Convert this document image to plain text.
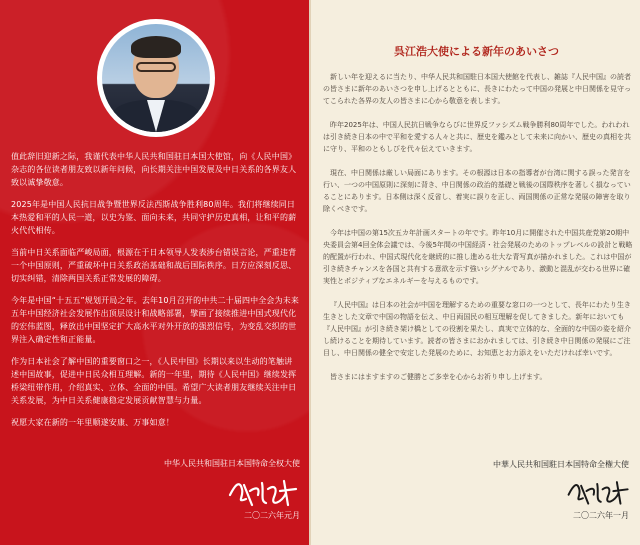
值此辞旧迎新之际，我谨代表中华人民共和国驻日本国大使馆，向《人民中国》杂志的各位读者朋友致以新年问候，向长期关注中国发展及中日关系的各界友人致以诚挚敬意。

2025年是中国人民抗日战争暨世界反法西斯战争胜利80周年。我们将继续同日本热爱和平的人民一道，以史为鉴、面向未来，共同守护历史真相，让和平的薪火代代相传。

当前中日关系面临严峻局面，根源在于日本领导人发表涉台错误言论，严重违背一个中国原则，严重破坏中日关系政治基础和战后国际秩序。日方应深刻反思、切实纠错，清除两国关系正常发展的障碍。

今年是中国“十五五”规划开局之年。去年10月召开的中共二十届四中全会为未来五年中国经济社会发展作出顶层设计和战略部署，擘画了接续推进中国式现代化的宏伟蓝图，释放出中国坚定扩大高水平对外开放的强烈信号，为变乱交织的世界注入确定性和正能量。

作为日本社会了解中国的重要窗口之一，《人民中国》长期以来以生动的笔触讲述中国故事，促进中日民众相互理解。新的一年里，期待《人民中国》继续发挥桥梁纽带作用，介绍真实、立体、全面的中国。希望广大读者朋友继续关注中日关系发展，为中日关系健康稳定发展贡献智慧与力量。

祝愿大家在新的一年里顺遂安康、万事如意！

中华人民共和国驻日本国特命全权大使
二〇二六年元月
呉江浩大使による新年のあいさつ

新しい年を迎えるに当たり、中华人民共和国駐日本国大使館を代表し、雑誌『人民中国』の読者の皆さまに新年のあいさつを申し上げるとともに、長きにわたって中国の発展と中日関係を見守ってこられた各界の友人の皆さまに心から敬意を表します。

昨年2025年は、中国人民抗日戦争ならびに世界反ファシズム戦争勝利80周年でした。われわれは引き続き日本の中で平和を愛する人々と共に、歴史を鑑みとして未来に向かい、歴史の真相を共に守り、平和のともしびを代々伝えていきます。

現在、中日関係は厳しい局面にあります。その根源は日本の指導者が台湾に関する誤った発言を行い、一つの中国原則に深刻に背き、中日関係の政治的基礎と戦後の国際秩序を著しく損なっていることにあります。日本側は深く反省し、着実に誤りを正し、両国関係の正常な発展の障害を取り除くべきです。

今年は中国の第15次五カ年計画スタートの年です。昨年10月に開催された中国共産党第20期中央委員会第4回全体会議では、今後5年間の中国経済・社会発展のためのトップレベルの設計と戦略的配置が行われ、中国式現代化を継続的に推し進める壮大な青写真が描かれました。これは中国が引き続きチャンスを各国と共有する意欲を示す強いシグナルであり、激動と混乱が交わる世界に確実性とポジティブなエネルギーを与えるものです。

『人民中国』は日本の社会が中国を理解するための重要な窓口の一つとして、長年にわたり生き生きとした文章で中国の物語を伝え、中日両国民の相互理解を促してきました。新年においても『人民中国』が引き続き架け橋としての役割を果たし、真実で立体的な、全面的な中国の姿を紹介し続けることを期待しています。読者の皆さまにおかれましては、引き続き中日関係の発展にご注目し、中日関係の健全で安定した発展のために、お知恵とお力添えをいただければ幸いです。

皆さまにはますますのご健勝とご多幸を心からお祈り申し上げます。

中華人民共和国駐日本国特命全権大使
二〇二六年一月
